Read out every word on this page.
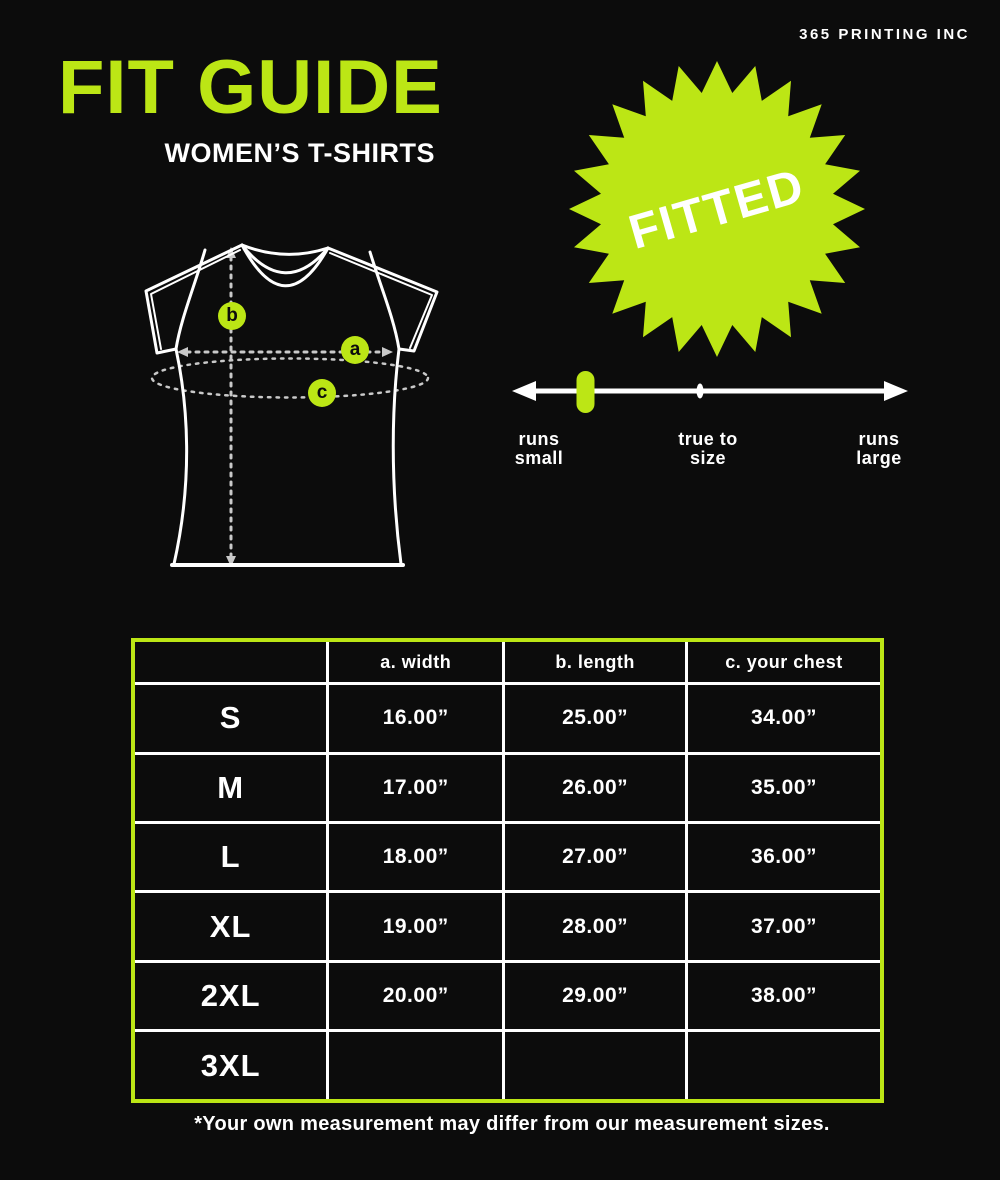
365 PRINTING INC
FIT GUIDE
WOMEN’S T-SHIRTS
FITTED
b
a
c
runs
small
true to
size
runs
large
	a. width	b. length	c. your chest
S	16.00”	25.00”	34.00”
M	17.00”	26.00”	35.00”
L	18.00”	27.00”	36.00”
XL	19.00”	28.00”	37.00”
2XL	20.00”	29.00”	38.00”
3XL			
*Your own measurement may differ from our measurement sizes.
